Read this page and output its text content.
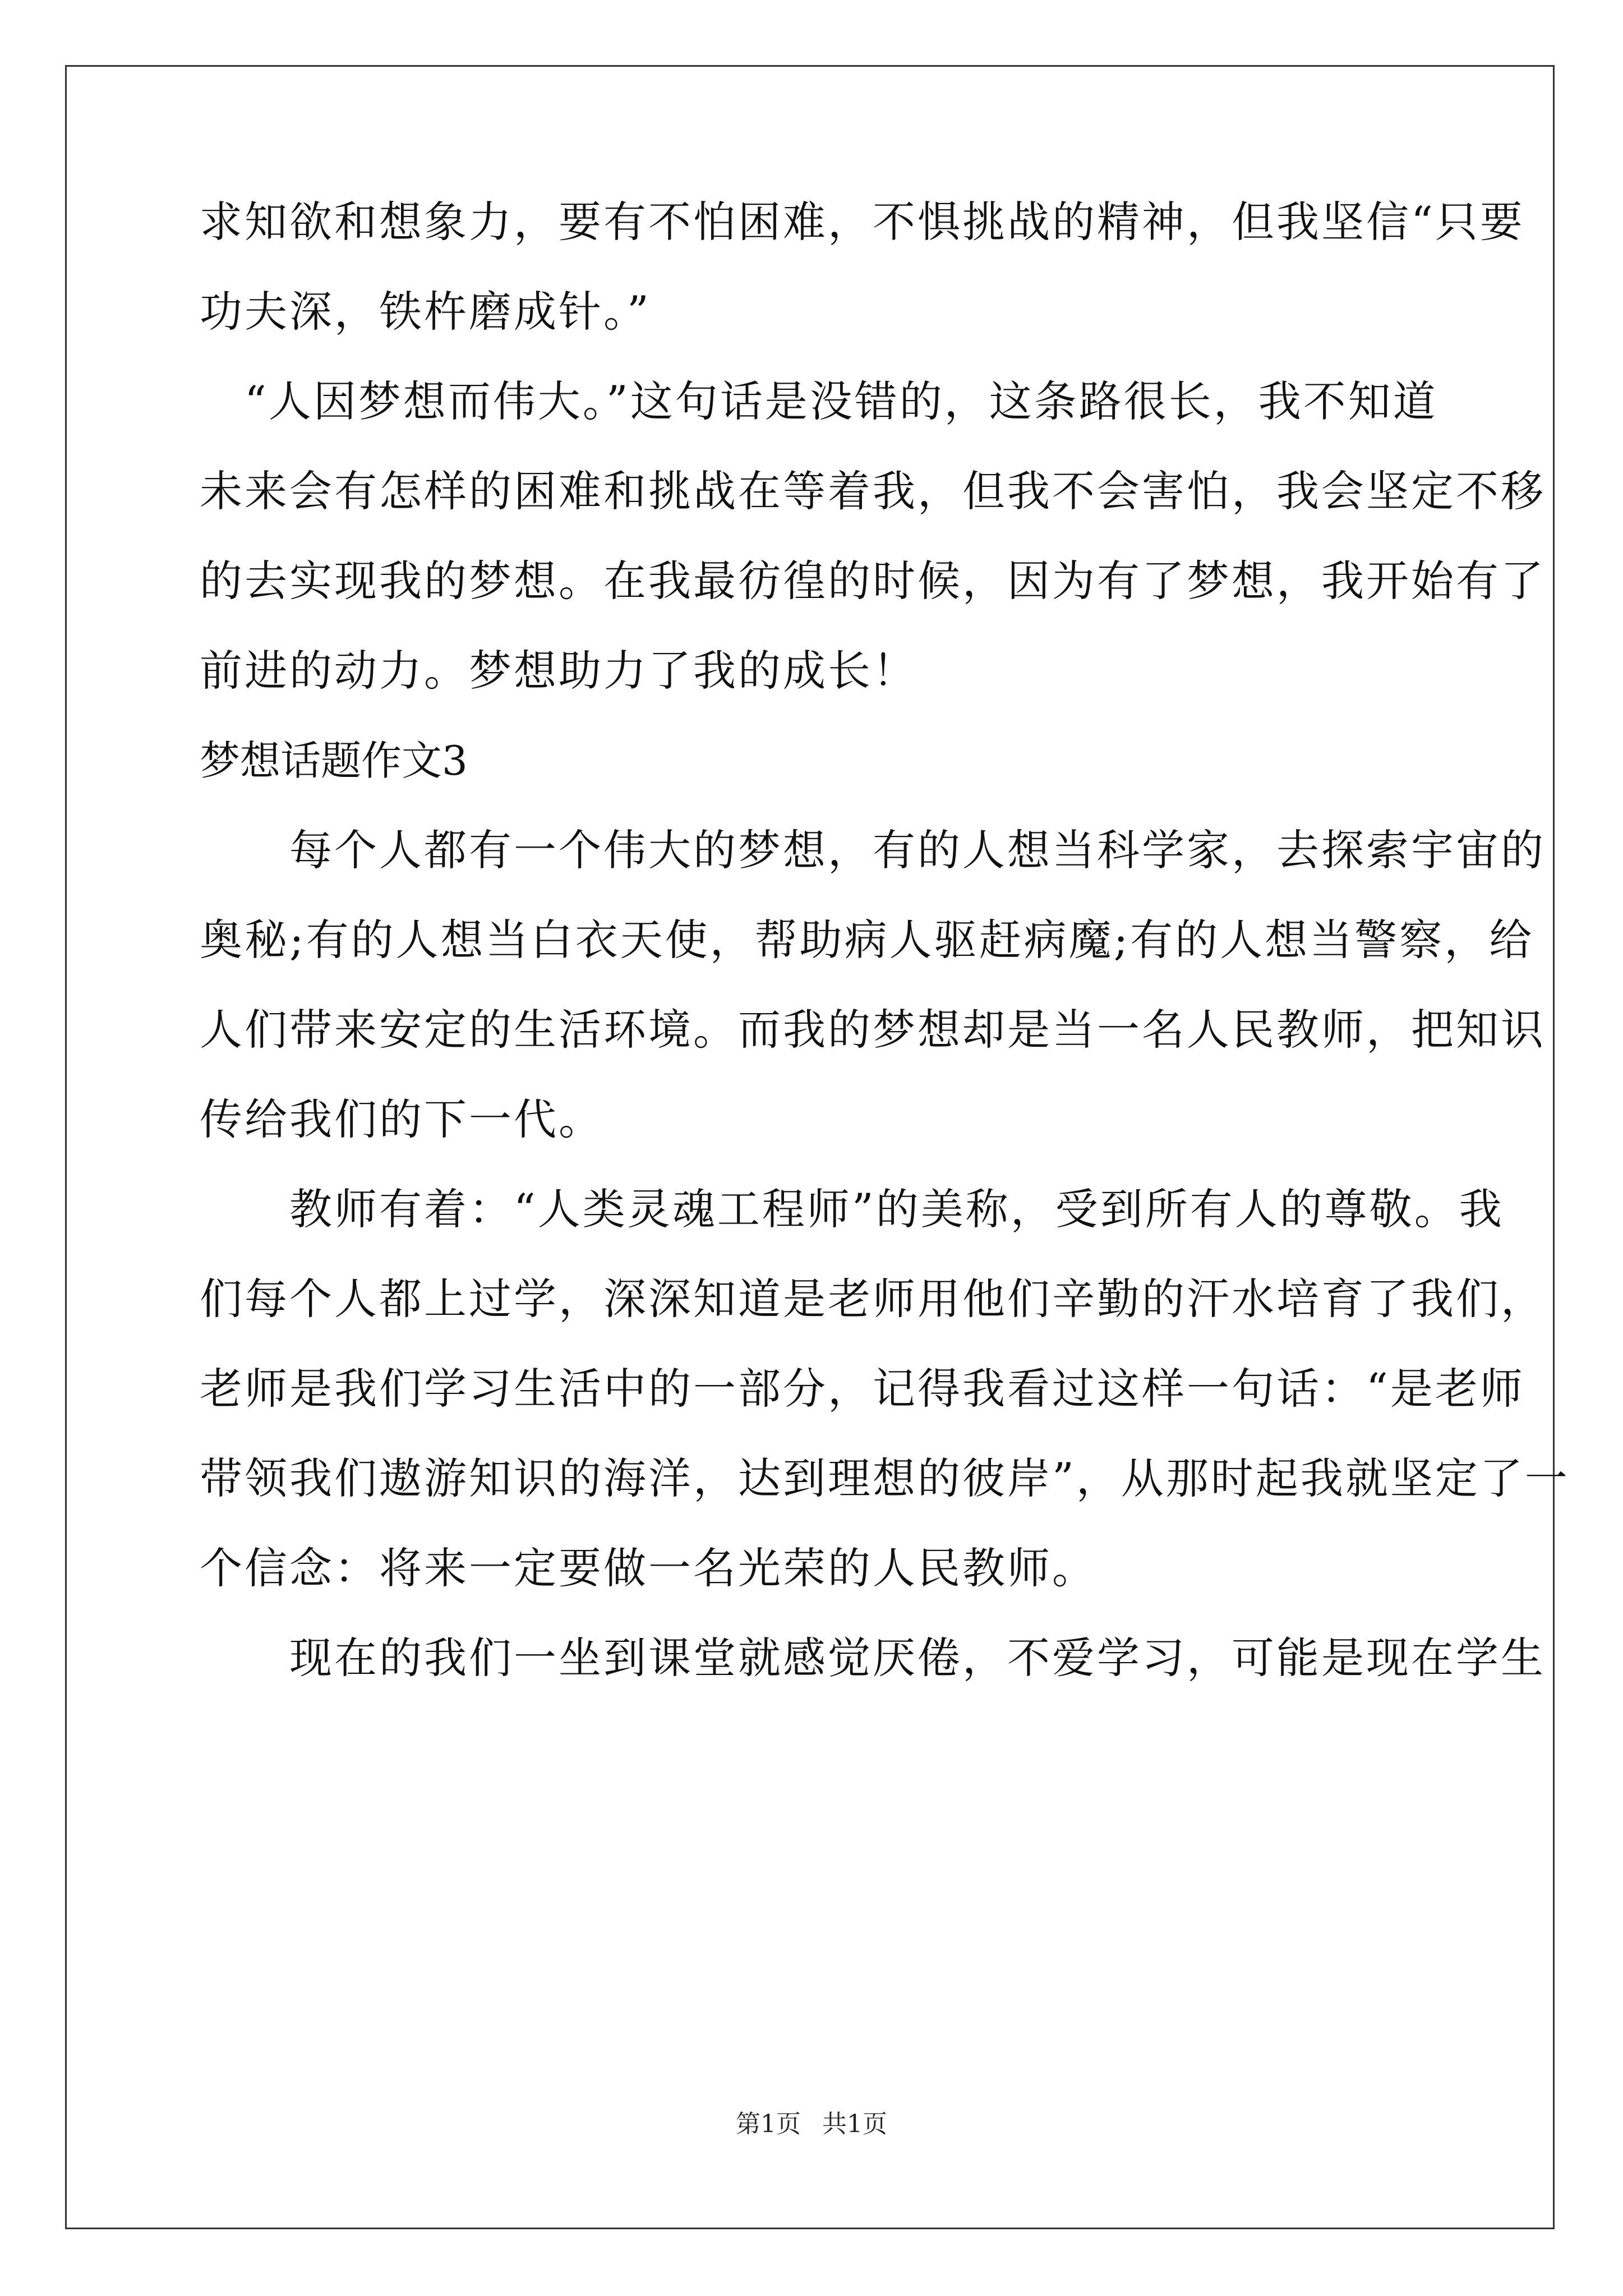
求知欲和想象力，要有不怕困难，不惧挑战的精神，但我坚信“只要
功夫深，铁杵磨成针。”
　“人因梦想而伟大。”这句话是没错的，这条路很长，我不知道
未来会有怎样的困难和挑战在等着我，但我不会害怕，我会坚定不移
的去实现我的梦想。在我最彷徨的时候，因为有了梦想，我开始有了
前进的动力。梦想助力了我的成长！
梦想话题作文3
　　每个人都有一个伟大的梦想，有的人想当科学家，去探索宇宙的
奥秘;有的人想当白衣天使，帮助病人驱赶病魔;有的人想当警察，给
人们带来安定的生活环境。而我的梦想却是当一名人民教师，把知识
传给我们的下一代。
　　教师有着：“人类灵魂工程师”的美称，受到所有人的尊敬。我
们每个人都上过学，深深知道是老师用他们辛勤的汗水培育了我们，
老师是我们学习生活中的一部分，记得我看过这样一句话：“是老师
带领我们遨游知识的海洋，达到理想的彼岸”，从那时起我就坚定了一
个信念：将来一定要做一名光荣的人民教师。
　　现在的我们一坐到课堂就感觉厌倦，不爱学习，可能是现在学生
第1页 共1页
